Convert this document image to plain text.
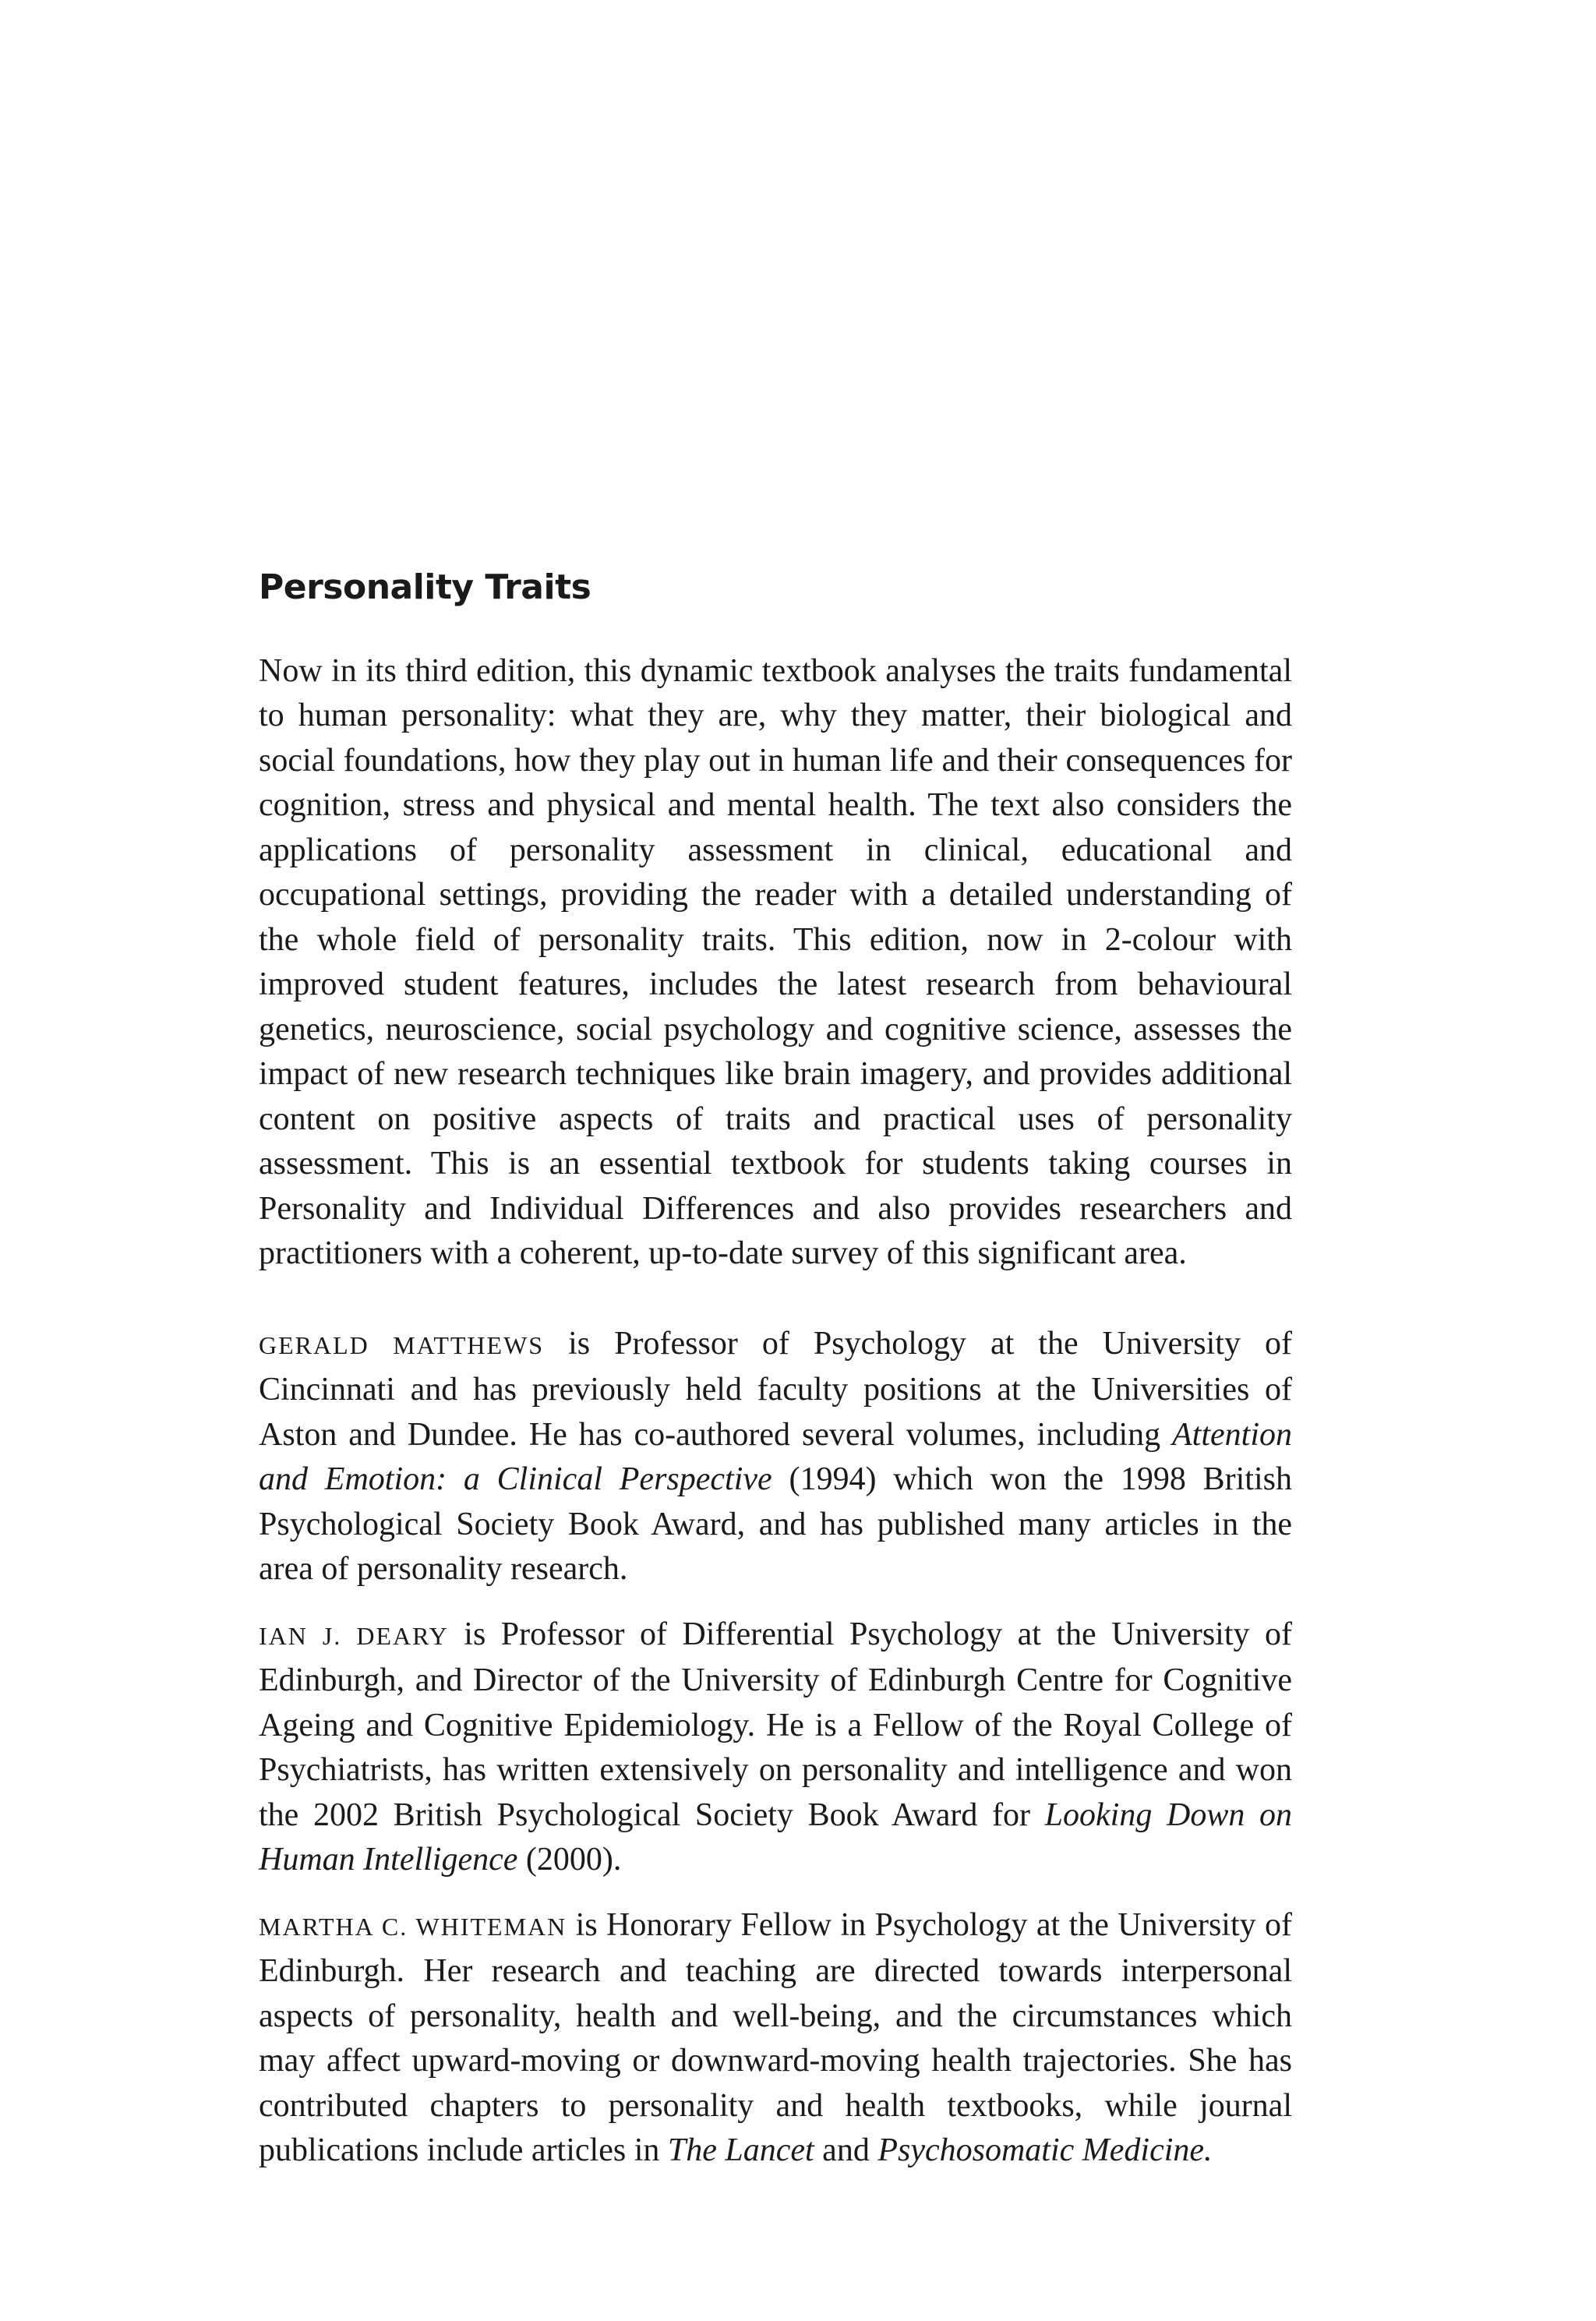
Personality Traits

Now in its third edition, this dynamic textbook analyses the traits fundamental to human personality: what they are, why they matter, their biological and social foundations, how they play out in human life and their consequences for cognition, stress and physical and mental health. The text also considers the applications of personality assessment in clinical, educational and occupational settings, providing the reader with a detailed understanding of the whole field of personality traits. This edition, now in 2-colour with improved student features, includes the latest research from behavioural genetics, neuroscience, social psychology and cognitive science, assesses the impact of new research techniques like brain imagery, and provides additional content on positive aspects of traits and practical uses of personality assessment. This is an essential textbook for students taking courses in Personality and Individual Differences and also provides researchers and practitioners with a coherent, up-to-date survey of this significant area.

GERALD MATTHEWS is Professor of Psychology at the University of Cincinnati and has previously held faculty positions at the Universities of Aston and Dundee. He has co-authored several volumes, including Attention and Emotion: a Clinical Perspective (1994) which won the 1998 British Psychological Society Book Award, and has published many articles in the area of personality research.

IAN J. DEARY is Professor of Differential Psychology at the University of Edinburgh, and Director of the University of Edinburgh Centre for Cognitive Ageing and Cognitive Epidemiology. He is a Fellow of the Royal College of Psychiatrists, has written extensively on personality and intelligence and won the 2002 British Psychological Society Book Award for Looking Down on Human Intelligence (2000).

MARTHA C. WHITEMAN is Honorary Fellow in Psychology at the University of Edinburgh. Her research and teaching are directed towards interpersonal aspects of personality, health and well-being, and the circumstances which may affect upward-moving or downward-moving health trajectories. She has contributed chapters to personality and health textbooks, while journal publications include articles in The Lancet and Psychosomatic Medicine.
